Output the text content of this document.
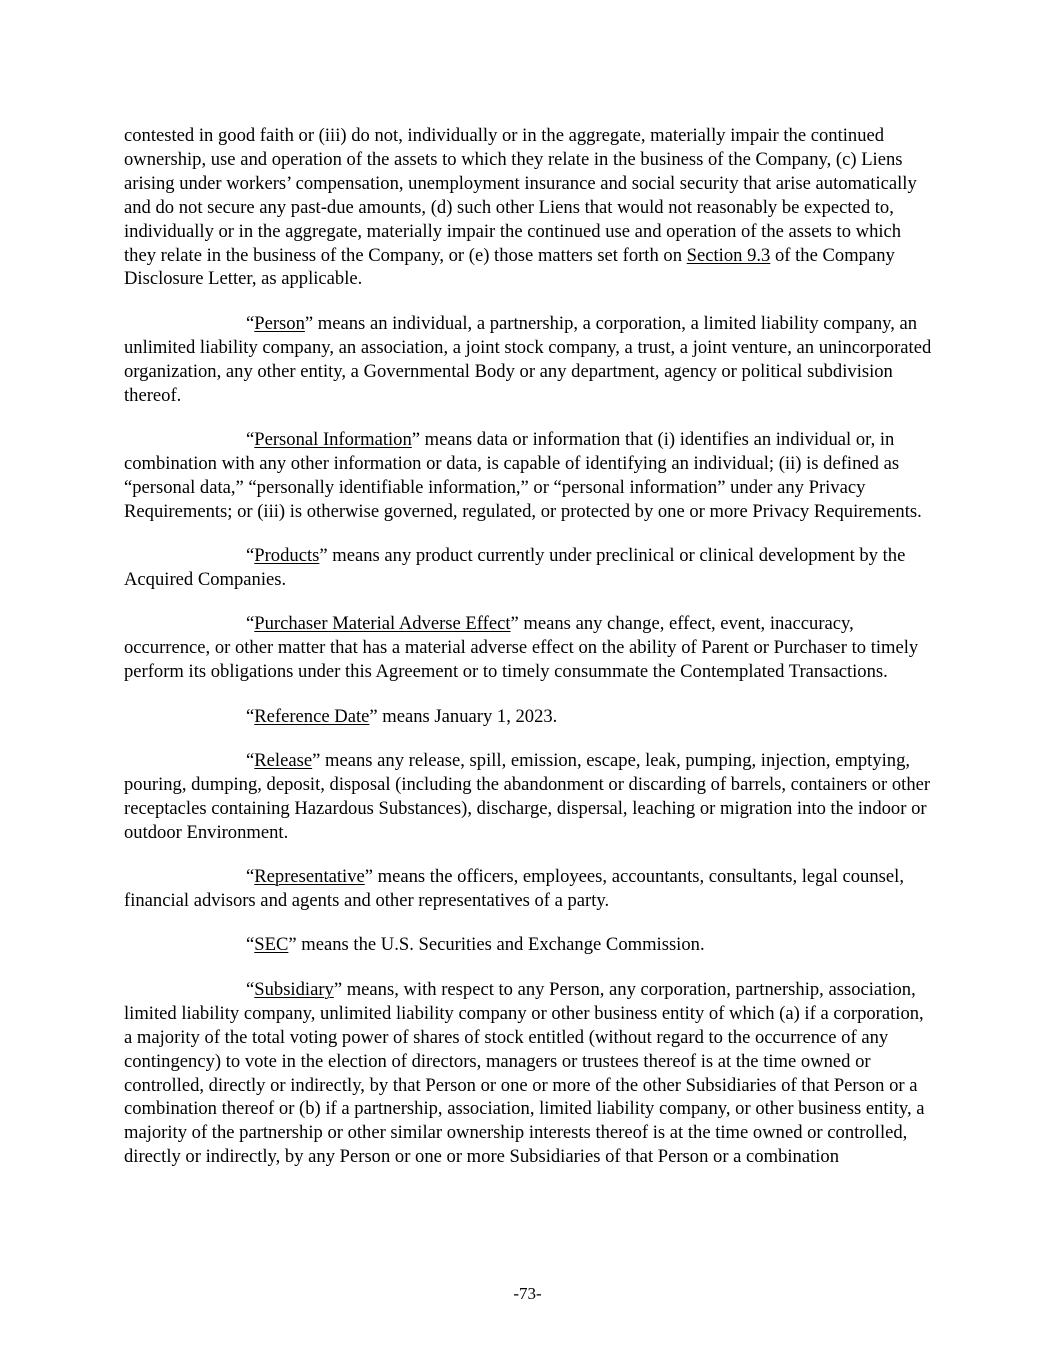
contested in good faith or (iii) do not, individually or in the aggregate, materially impair the continued ownership, use and operation of the assets to which they relate in the business of the Company, (c) Liens arising under workers’ compensation, unemployment insurance and social security that arise automatically and do not secure any past-due amounts, (d) such other Liens that would not reasonably be expected to, individually or in the aggregate, materially impair the continued use and operation of the assets to which they relate in the business of the Company, or (e) those matters set forth on Section 9.3 of the Company Disclosure Letter, as applicable.

“Person” means an individual, a partnership, a corporation, a limited liability company, an unlimited liability company, an association, a joint stock company, a trust, a joint venture, an unincorporated organization, any other entity, a Governmental Body or any department, agency or political subdivision thereof.

“Personal Information” means data or information that (i) identifies an individual or, in combination with any other information or data, is capable of identifying an individual; (ii) is defined as “personal data,” “personally identifiable information,” or “personal information” under any Privacy Requirements; or (iii) is otherwise governed, regulated, or protected by one or more Privacy Requirements.

“Products” means any product currently under preclinical or clinical development by the Acquired Companies.

“Purchaser Material Adverse Effect” means any change, effect, event, inaccuracy, occurrence, or other matter that has a material adverse effect on the ability of Parent or Purchaser to timely perform its obligations under this Agreement or to timely consummate the Contemplated Transactions.

“Reference Date” means January 1, 2023.

“Release” means any release, spill, emission, escape, leak, pumping, injection, emptying, pouring, dumping, deposit, disposal (including the abandonment or discarding of barrels, containers or other receptacles containing Hazardous Substances), discharge, dispersal, leaching or migration into the indoor or outdoor Environment.

“Representative” means the officers, employees, accountants, consultants, legal counsel, financial advisors and agents and other representatives of a party.

“SEC” means the U.S. Securities and Exchange Commission.

“Subsidiary” means, with respect to any Person, any corporation, partnership, association, limited liability company, unlimited liability company or other business entity of which (a) if a corporation, a majority of the total voting power of shares of stock entitled (without regard to the occurrence of any contingency) to vote in the election of directors, managers or trustees thereof is at the time owned or controlled, directly or indirectly, by that Person or one or more of the other Subsidiaries of that Person or a combination thereof or (b) if a partnership, association, limited liability company, or other business entity, a majority of the partnership or other similar ownership interests thereof is at the time owned or controlled, directly or indirectly, by any Person or one or more Subsidiaries of that Person or a combination

-73-
